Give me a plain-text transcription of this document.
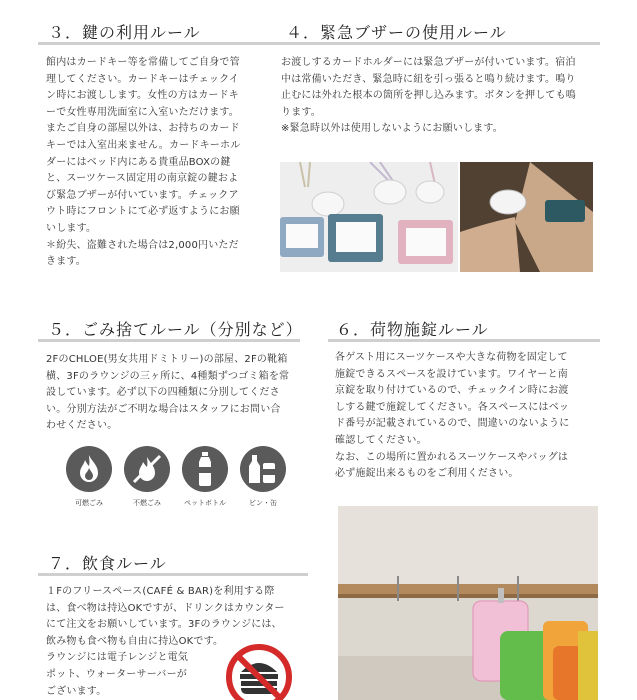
３．鍵の利用ルール
館内はカードキー等を常備してご自身で管
理してください。カードキーはチェックイ
ン時にお渡しします。女性の方はカードキ
ーで女性専用洗面室に入室いただけます。
またご自身の部屋以外は、お持ちのカード
キーでは入室出来ません。カードキーホル
ダーにはベッド内にある貴重品BOXの鍵
と、スーツケース固定用の南京錠の鍵およ
び緊急ブザーが付いています。チェックア
ウト時にフロントにて必ず返すようにお願
いします。
＊紛失、盗難された場合は2,000円いただ
きます。
４．緊急ブザーの使用ルール
お渡しするカードホルダーには緊急ブザーが付いています。宿泊
中は常備いただき、緊急時に紐を引っ張ると鳴り続けます。鳴り
止むには外れた根本の箇所を押し込みます。ボタンを押しても鳴
ります。
※緊急時以外は使用しないようにお願いします。
５．ごみ捨てルール（分別など）
2FのCHLOE(男女共用ドミトリー)の部屋、2Fの靴箱
横、3Fのラウンジの三ヶ所に、4種類ずつゴミ箱を常
設しています。必ず以下の四種類に分別してくださ
い。分別方法がご不明な場合はスタッフにお問い合
わせください。
可燃ごみ	不燃ごみ	ペットボトル	ビン・缶
６．荷物施錠ルール
各ゲスト用にスーツケースや大きな荷物を固定して
施錠できるスペースを設けています。ワイヤーと南
京錠を取り付けているので、チェックイン時にお渡
しする鍵で施錠してください。各スペースにはベッ
ド番号が記載されているので、間違いのないように
確認してください。
なお、この場所に置かれるスーツケースやバッグは
必ず施錠出来るものをご利用ください。
７．飲食ルール
１Fのフリースペース(CAFÉ & BAR)を利用する際
は、食べ物は持込OKですが、ドリンクはカウンター
にて注文をお願いしています。3Fのラウンジには、
飲み物も食べ物も自由に持込OKです。
ラウンジには電子レンジと電気
ポット、ウォーターサーバーが
ございます。
